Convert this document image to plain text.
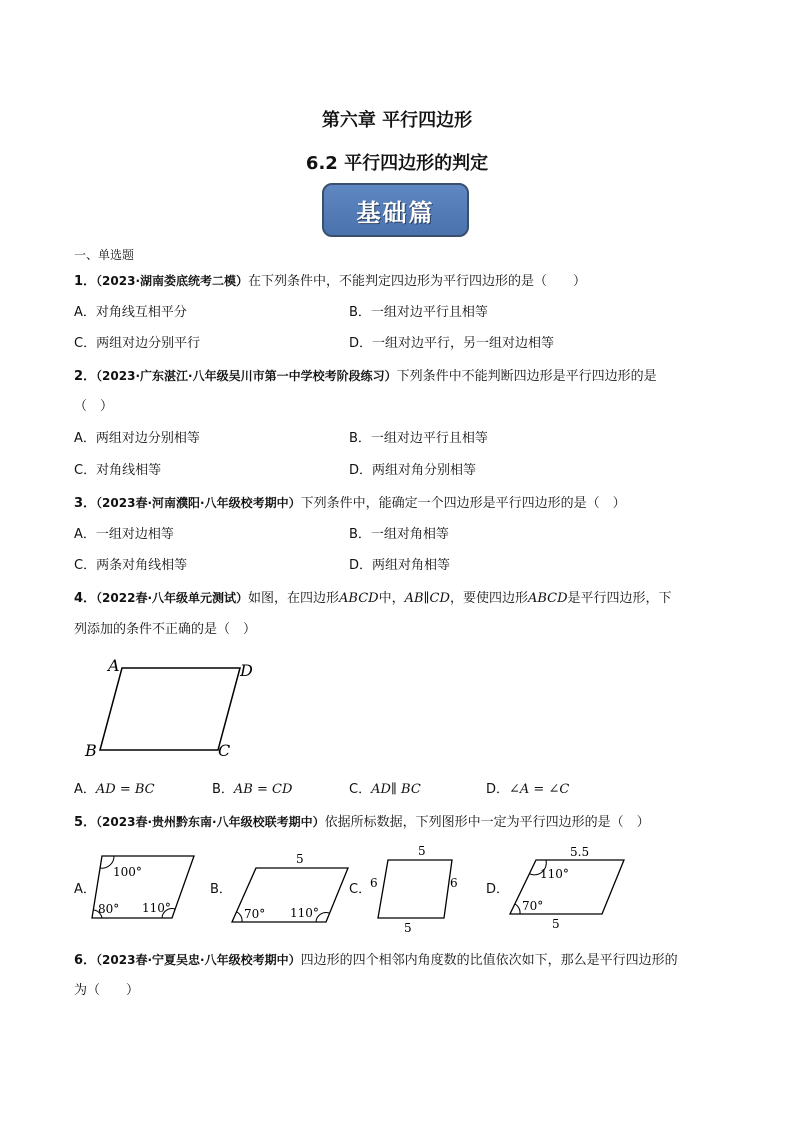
第六章 平行四边形
6.2 平行四边形的判定
基础篇
一、单选题
1．（2023·湖南娄底统考二模）在下列条件中，不能判定四边形为平行四边形的是（　　）
A．对角线互相平分	B．一组对边平行且相等
C．两组对边分别平行	D．一组对边平行，另一组对边相等
2．（2023·广东湛江·八年级吴川市第一中学校考阶段练习）下列条件中不能判断四边形是平行四边形的是
（　）
A．两组对边分别相等	B．一组对边平行且相等
C．对角线相等	D．两组对角分别相等
3．（2023春·河南濮阳·八年级校考期中）下列条件中，能确定一个四边形是平行四边形的是（　）
A．一组对边相等	B．一组对角相等
C．两条对角线相等	D．两组对角相等
4．（2022春·八年级单元测试）如图，在四边形ABCD中，AB∥CD，要使四边形ABCD是平行四边形，下
列添加的条件不正确的是（　）
A	D
B	C
A．AD = BC	B．AB = CD	C．AD∥ BC	D．∠A = ∠C
5．（2023春·贵州黔东南·八年级校联考期中）依据所标数据，下列图形中一定为平行四边形的是（　）
A．
100°
80° 110°
B．
5
70° 110°
C．
5
6	6
5
D．
5.5
110°
70°
5
6．（2023春·宁夏吴忠·八年级校考期中）四边形的四个相邻内角度数的比值依次如下，那么是平行四边形的
为（　　）
